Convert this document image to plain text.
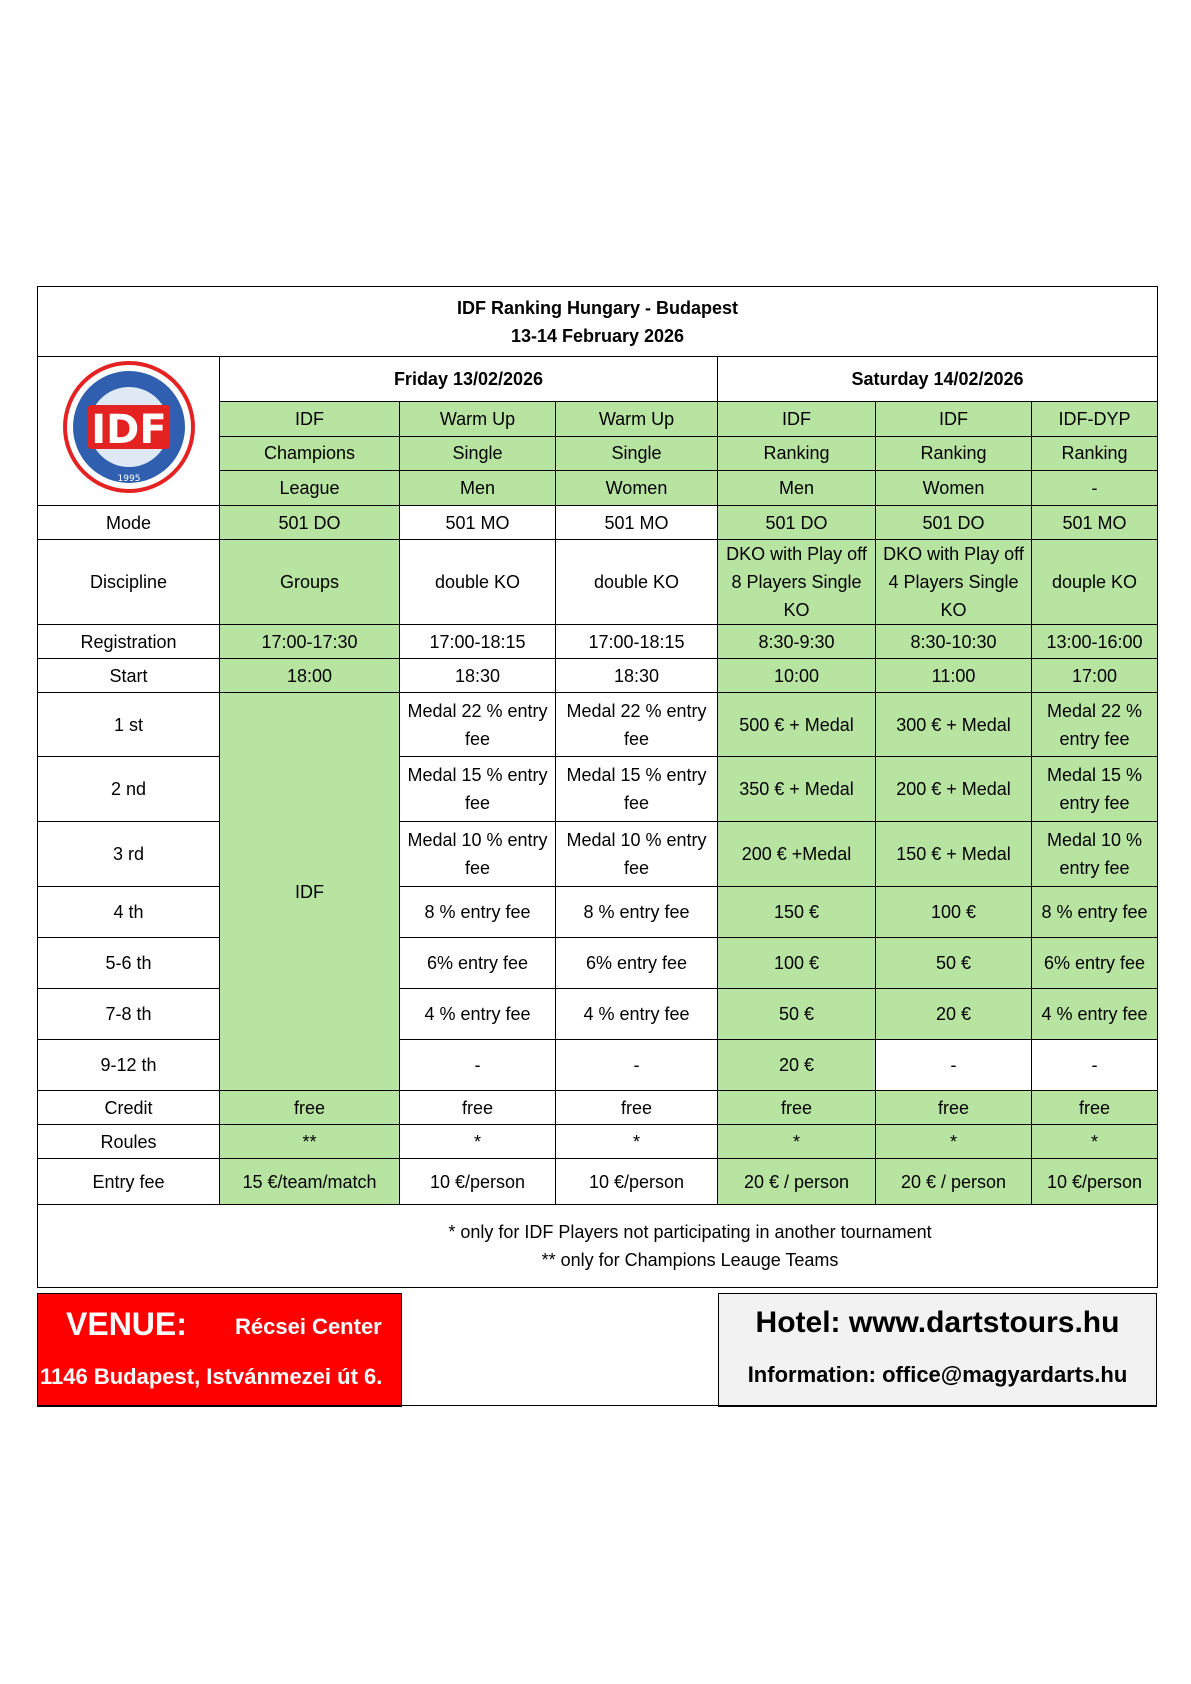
IDF Ranking Hungary - Budapest
13-14 February 2026						

IDF
1995	Friday 13/02/2026			Saturday 14/02/2026		
	IDF	Warm Up	Warm Up	IDF	IDF	IDF-DYP
	Champions	Single	Single	Ranking	Ranking	Ranking
	League	Men	Women	Men	Women	-
Mode	501 DO	501 MO	501 MO	501 DO	501 DO	501 MO
Discipline	Groups	double KO	double KO	DKO with Play off 8 Players Single KO	DKO with Play off 4 Players Single KO	douple KO
Registration	17:00-17:30	17:00-18:15	17:00-18:15	8:30-9:30	8:30-10:30	13:00-16:00
Start	18:00	18:30	18:30	10:00	11:00	17:00
1 st	IDF	Medal 22 % entry fee	Medal 22 % entry fee	500 € + Medal	300 € + Medal	Medal 22 % entry fee
2 nd		Medal 15 % entry fee	Medal 15 % entry fee	350 € + Medal	200 € + Medal	Medal 15 % entry fee
3 rd		Medal 10 % entry fee	Medal 10 % entry fee	200 € +Medal	150 € + Medal	Medal 10 % entry fee
4 th		8 % entry fee	8 % entry fee	150 €	100 €	8 % entry fee
5-6 th		6% entry fee	6% entry fee	100 €	50 €	6% entry fee
7-8 th		4 % entry fee	4 % entry fee	50 €	20 €	4 % entry fee
9-12 th		-	-	20 €	-	-
Credit	free	free	free	free	free	free
Roules	**	*	*	*	*	*
Entry fee	15 €/team/match	10 €/person	10 €/person	20 € / person	20 € / person	10 €/person

* only for IDF Players not participating in another tournament
** only for Champions Leauge Teams						
VENUE: Récsei Center
1146 Budapest, Istvánmezei út 6.
Hotel: www.dartstours.hu
Information: office@magyardarts.hu
